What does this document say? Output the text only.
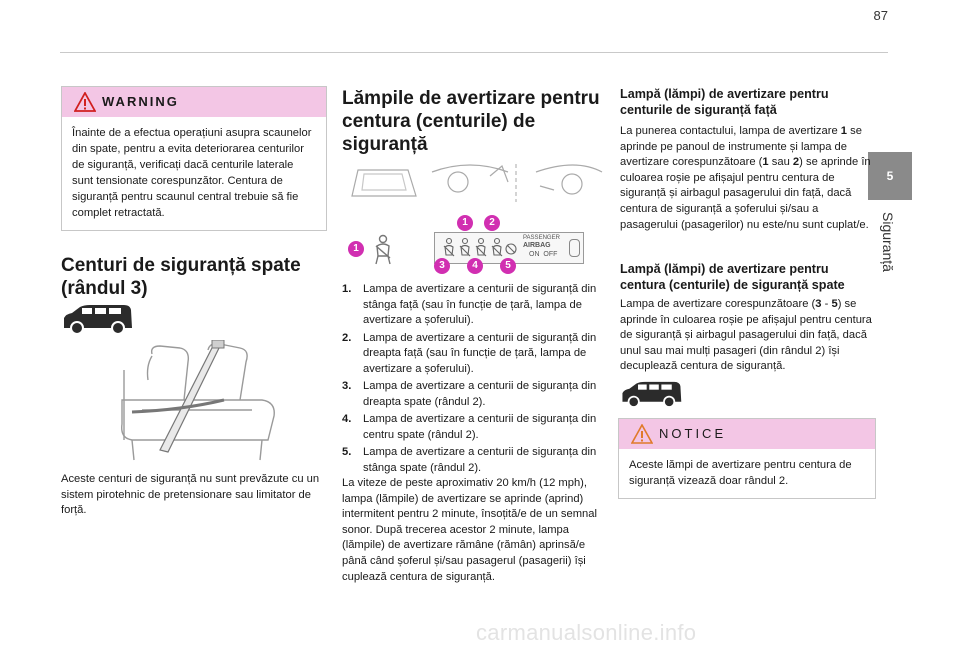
87
5
Siguranță
WARNING
Înainte de a efectua operațiuni asupra scaunelor din spate, pentru a evita deteriorarea centurilor de siguranță, verificați dacă centurile laterale sunt tensionate corespunzător. Centura de siguranță pentru scaunul central trebuie să fie complet retractată.
Centuri de siguranță spate (rândul 3)

Aceste centuri de siguranță nu sunt prevăzute cu un sistem pirotehnic de pretensionare sau limitator de forță.

Lămpile de avertizare pentru centura (centurile) de siguranță
1
PASSENGER
AIRBAG
ON  OFF
1	2
3	4	5
1. Lampa de avertizare a centurii de siguranță din stânga față (sau în funcție de țară, lampa de avertizare a șoferului).
2. Lampa de avertizare a centurii de siguranță din dreapta față (sau în funcție de țară, lampa de avertizare a șoferului).
3. Lampa de avertizare a centurii de siguranța din dreapta spate (rândul 2).
4. Lampa de avertizare a centurii de siguranța din centru spate (rândul 2).
5. Lampa de avertizare a centurii de siguranța din stânga spate (rândul 2).

La viteze de peste aproximativ 20 km/h (12 mph), lampa (lămpile) de avertizare se aprinde (aprind) intermitent pentru 2 minute, însoțită/e de un semnal sonor. După trecerea acestor 2 minute, lampa (lămpile) de avertizare rămâne (rămân) aprinsă/e până când șoferul și/sau pasagerul (pasagerii) își cuplează centura de siguranță.

Lampă (lămpi) de avertizare pentru centurile de siguranță față

La punerea contactului, lampa de avertizare 1 se aprinde pe panoul de instrumente și lampa de avertizare corespunzătoare (1 sau 2) se aprinde în culoarea roșie pe afișajul pentru centura de siguranță și airbagul pasagerului din față, dacă centura de siguranță a șoferului și/sau a pasagerului (pasagerilor) nu este/nu sunt cuplat/e.

Lampă (lămpi) de avertizare pentru centura (centurile) de siguranță spate

Lampa de avertizare corespunzătoare (3 - 5) se aprinde în culoarea roșie pe afișajul pentru centura de siguranță și airbagul pasagerului din față, dacă unul sau mai mulți pasageri (din rândul 2) își decuplează centura de siguranță.

NOTICE
Aceste lămpi de avertizare pentru centura de siguranță vizează doar rândul 2.
carmanualsonline.info
